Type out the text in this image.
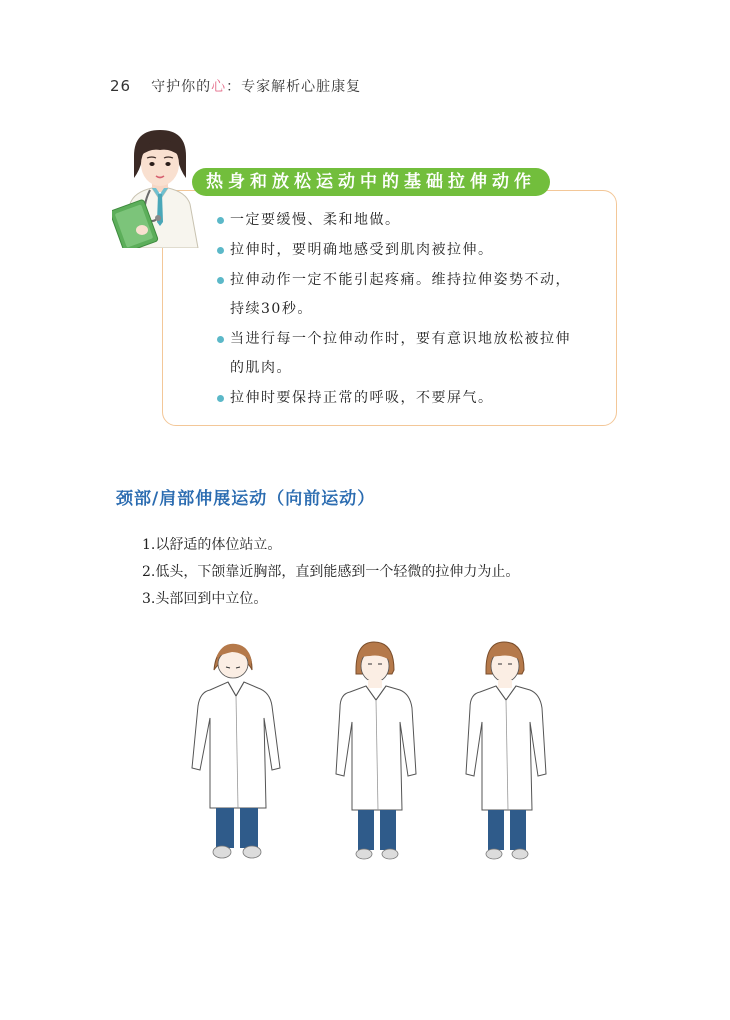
26 守护你的心：专家解析心脏康复
热身和放松运动中的基础拉伸动作
一定要缓慢、柔和地做。
拉伸时，要明确地感受到肌肉被拉伸。
拉伸动作一定不能引起疼痛。维持拉伸姿势不动，持续30秒。
当进行每一个拉伸动作时，要有意识地放松被拉伸的肌肉。
拉伸时要保持正常的呼吸，不要屏气。
颈部/肩部伸展运动（向前运动）
1.以舒适的体位站立。
2.低头，下颌靠近胸部，直到能感到一个轻微的拉伸力为止。
3.头部回到中立位。
